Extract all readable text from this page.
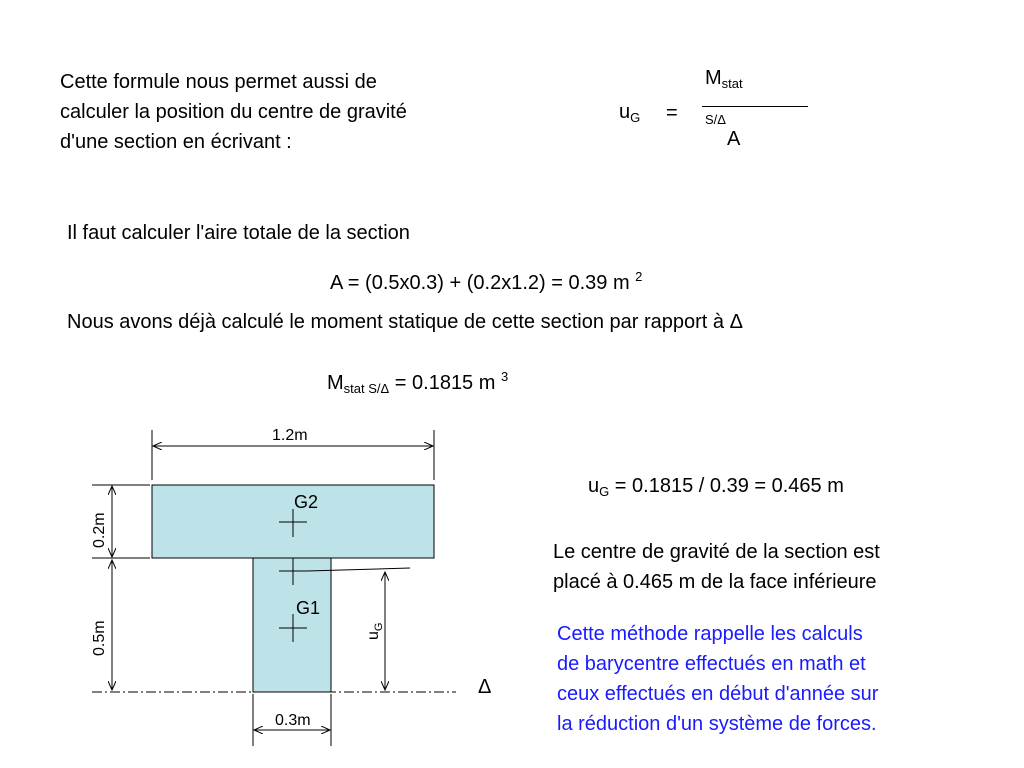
Cette formule nous permet aussi de
calculer la position du centre de gravité
d'une section en écrivant :
$u_G$ =
$M_{stat S/\Delta}$
A
Il faut calculer l'aire totale de la section
A = (0.5x0.3) + (0.2x1.2) = 0.39 m $^2$
Nous avons déjà calculé le moment statique de cette section par rapport à Δ
$M_{stat S/\Delta} = 0.1815$ m $^3$
$u_G = 0.1815 / 0.39 = 0.465$ m
Le centre de gravité de la section est
placé à 0.465 m de la face inférieure
Cette méthode rappelle les calculs
de barycentre effectués en math et
ceux effectués en début d'année sur
la réduction d'un système de forces.
G2
G1
1.2m
0.2m
0.5m
0.3m
$u_G$
Δ
